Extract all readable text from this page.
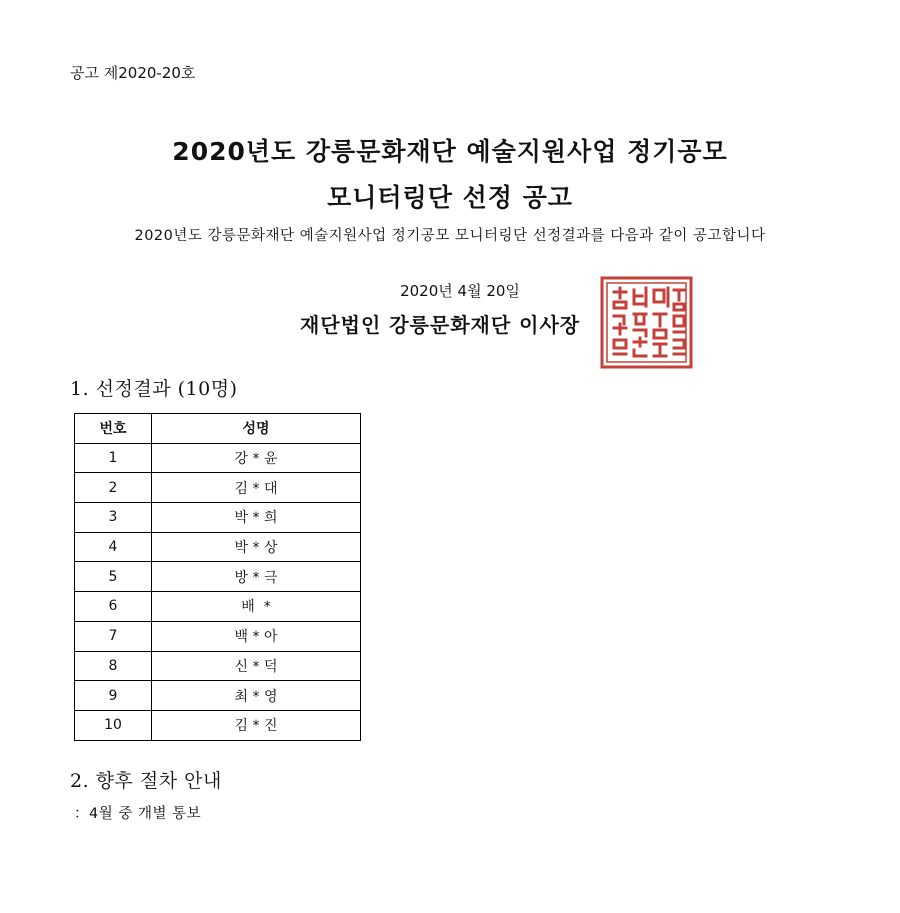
공고 제2020-20호
2020년도 강릉문화재단 예술지원사업 정기공모
모니터링단 선정 공고
2020년도 강릉문화재단 예술지원사업 정기공모 모니터링단 선정결과를 다음과 같이 공고합니다
2020년 4월 20일
재단법인 강릉문화재단 이사장
1. 선정결과 (10명)
번호	성명
1	강 * 윤
2	김 * 대
3	박 * 희
4	박 * 상
5	방 * 극
6	배  *
7	백 * 아
8	신 * 덕
9	최 * 영
10	김 * 진
2. 향후 절차 안내
：4월 중 개별 통보
